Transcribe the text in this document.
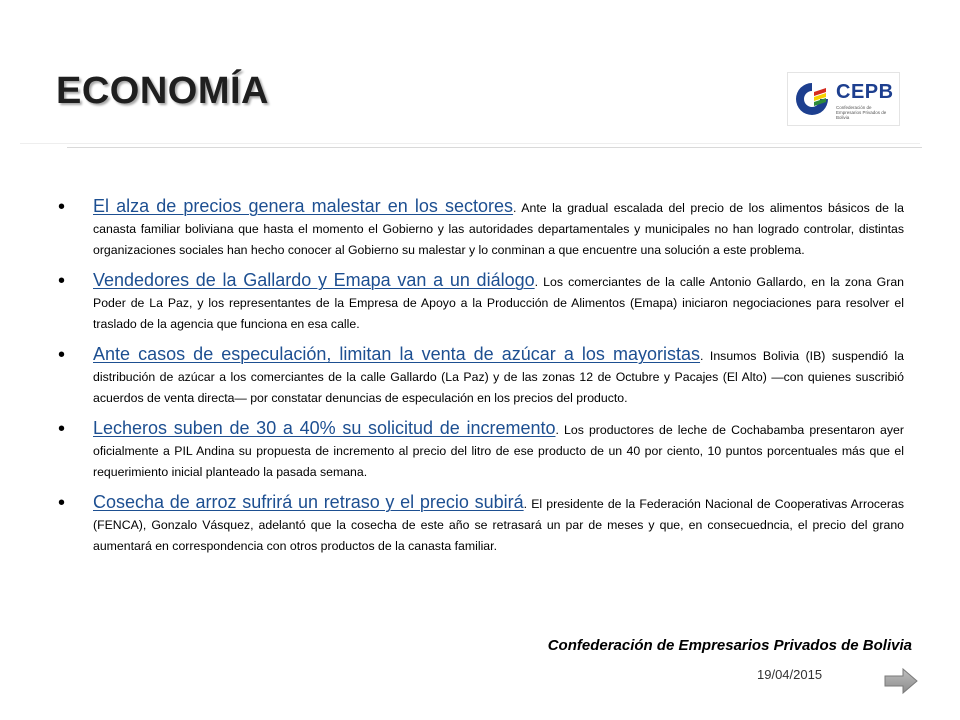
ECONOMÍA	CEPB
Confederación de Empresarios Privados de Bolivia
• El alza de precios genera malestar en los sectores. Ante la gradual escalada del precio de los alimentos básicos de la canasta familiar boliviana que hasta el momento el Gobierno y las autoridades departamentales y municipales no han logrado controlar, distintas organizaciones sociales han hecho conocer al Gobierno su malestar y lo conminan a que encuentre una solución a este problema.
• Vendedores de la Gallardo y Emapa van a un diálogo. Los comerciantes de la calle Antonio Gallardo, en la zona Gran Poder de La Paz, y los representantes de la Empresa de Apoyo a la Producción de Alimentos (Emapa) iniciaron negociaciones para resolver el traslado de la agencia que funciona en esa calle.
• Ante casos de especulación, limitan la venta de azúcar a los mayoristas. Insumos Bolivia (IB) suspendió la distribución de azúcar a los comerciantes de la calle Gallardo (La Paz) y de las zonas 12 de Octubre y Pacajes (El Alto) —con quienes suscribió acuerdos de venta directa— por constatar denuncias de especulación en los precios del producto.
• Lecheros suben de 30 a 40% su solicitud de incremento. Los productores de leche de Cochabamba presentaron ayer oficialmente a PIL Andina su propuesta de incremento al precio del litro de ese producto de un 40 por ciento, 10 puntos porcentuales más que el requerimiento inicial planteado la pasada semana.
• Cosecha de arroz sufrirá un retraso y el precio subirá. El presidente de la Federación Nacional de Cooperativas Arroceras (FENCA), Gonzalo Vásquez, adelantó que la cosecha de este año se retrasará un par de meses y que, en consecuedncia, el precio del grano aumentará en correspondencia con otros productos de la canasta familiar.
Confederación de Empresarios Privados de Bolivia
19/04/2015
